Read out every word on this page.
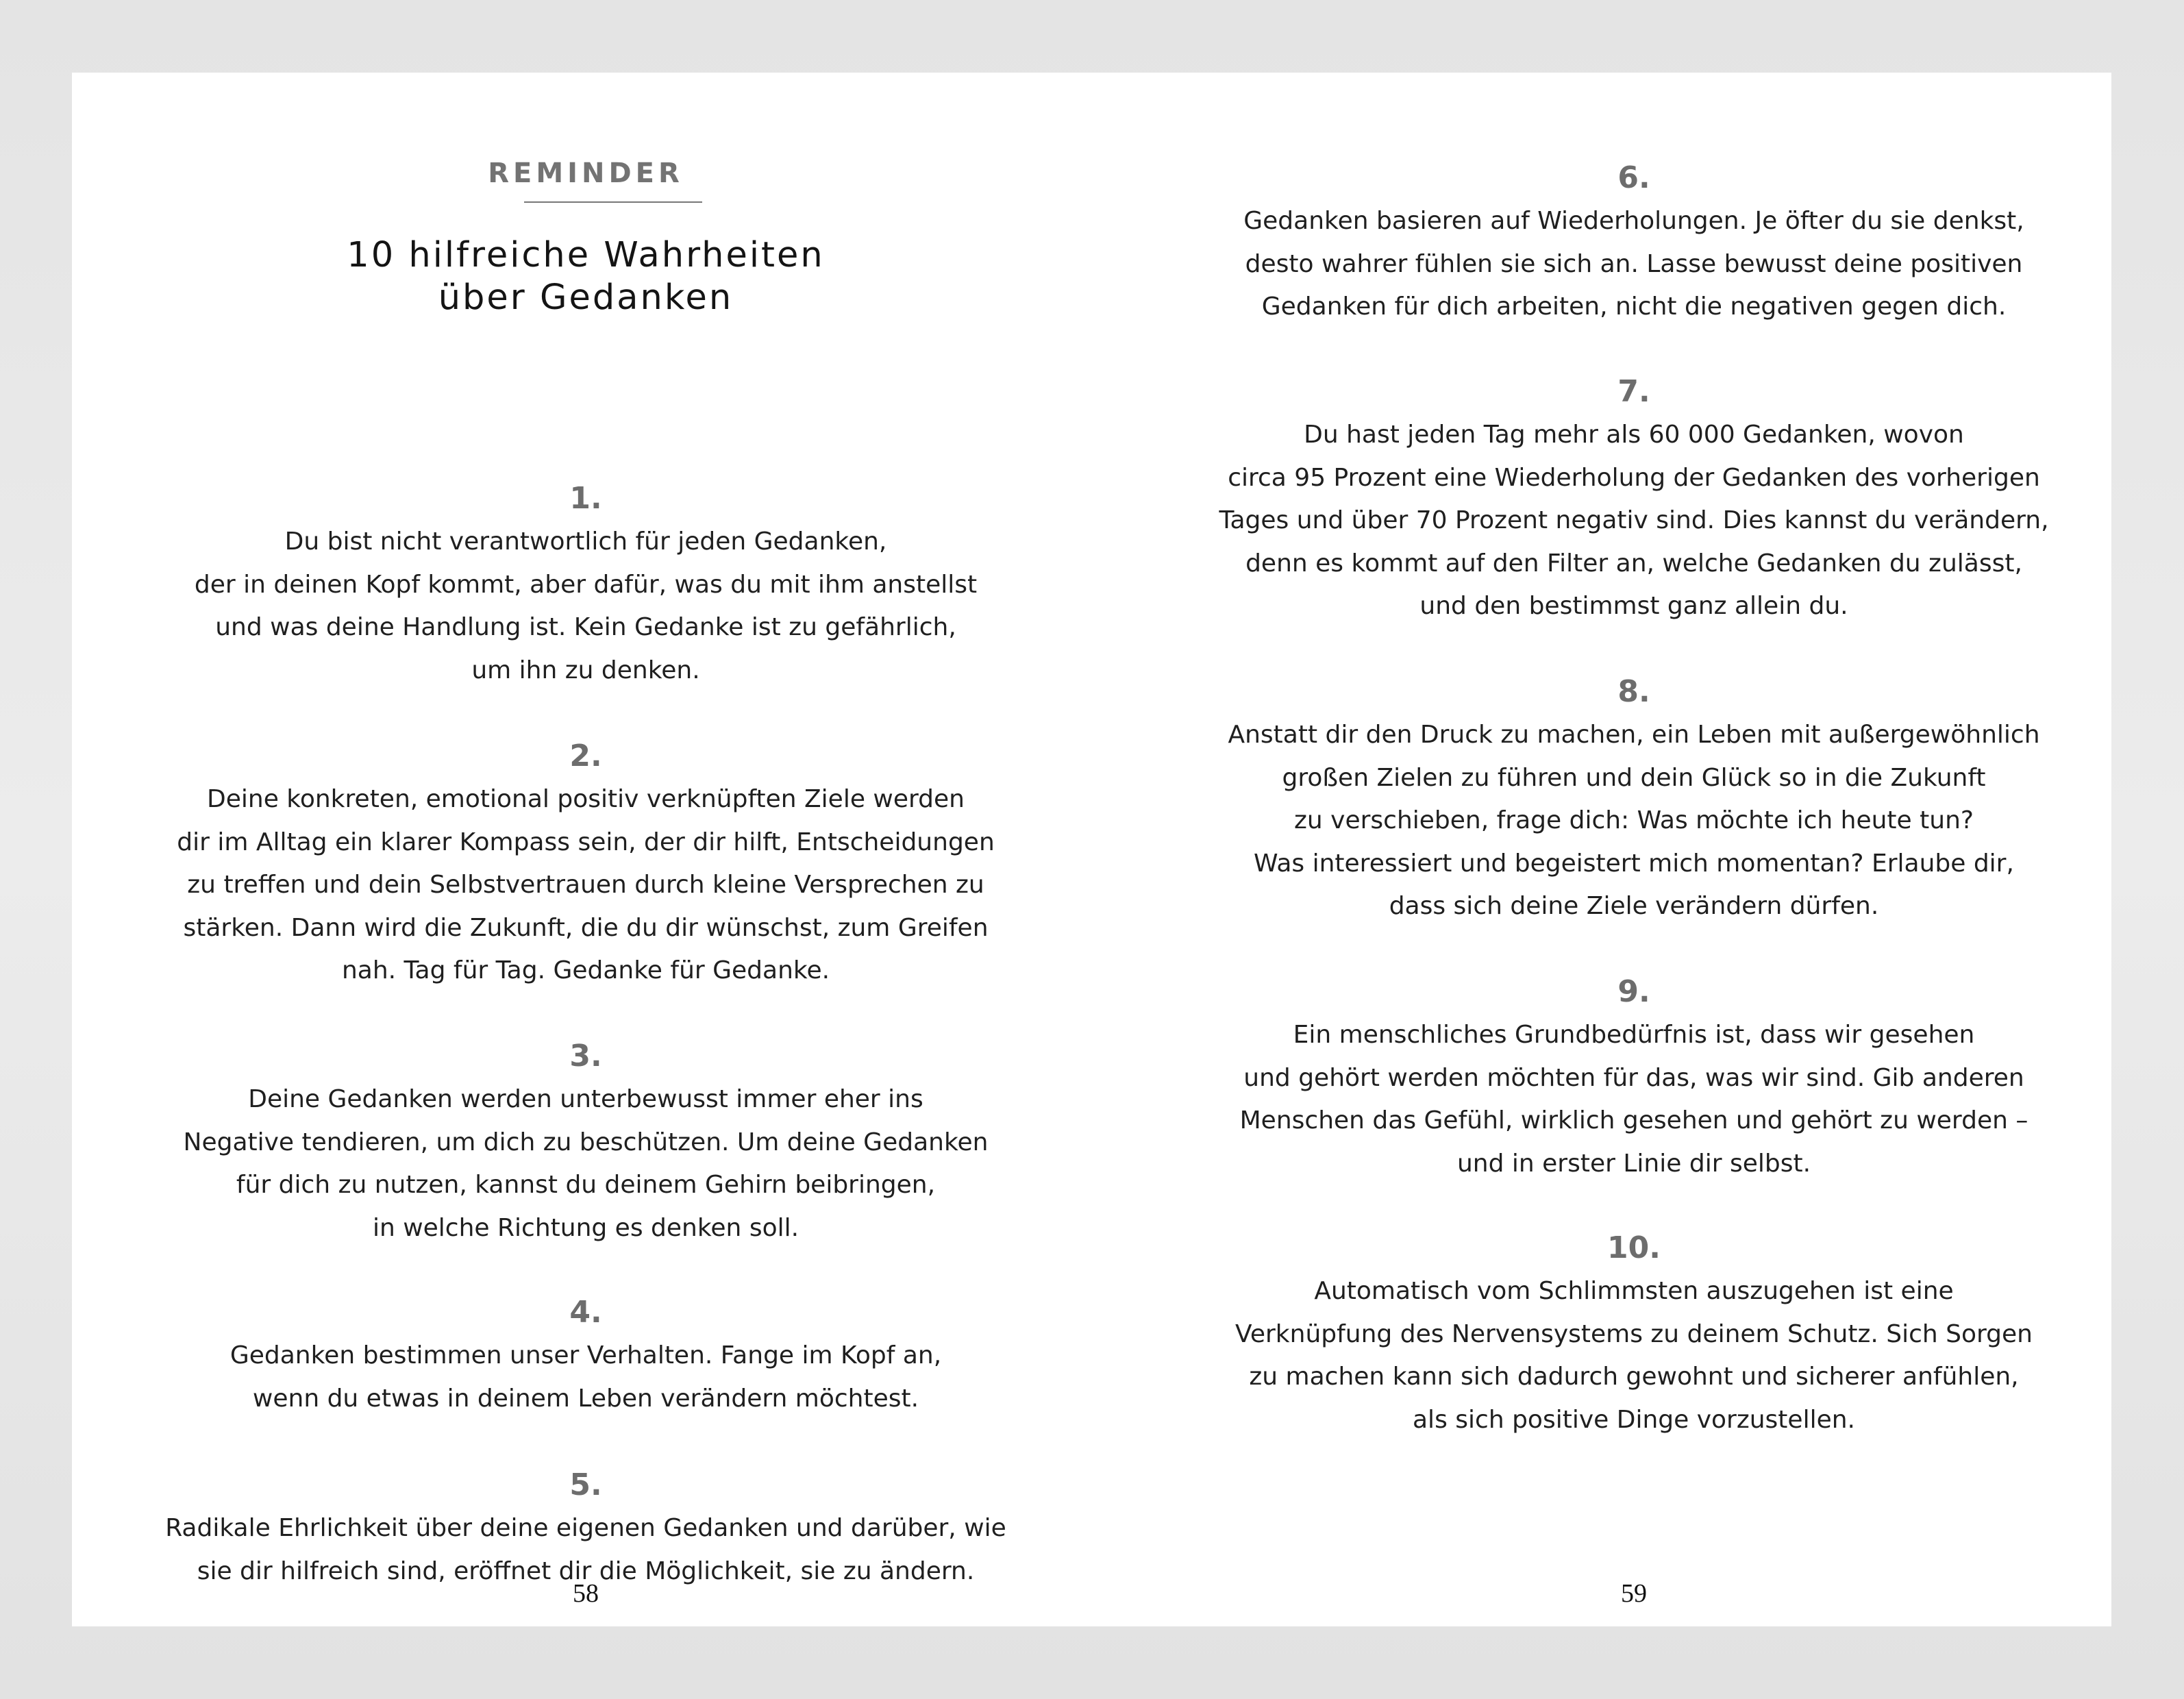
REMINDER
10 hilfreiche Wahrheiten
über Gedanken
1.
Du bist nicht verantwortlich für jeden Gedanken,
der in deinen Kopf kommt, aber dafür, was du mit ihm anstellst
und was deine Handlung ist. Kein Gedanke ist zu gefährlich,
um ihn zu denken.
2.
Deine konkreten, emotional positiv verknüpften Ziele werden
dir im Alltag ein klarer Kompass sein, der dir hilft, Entscheidungen
zu treffen und dein Selbstvertrauen durch kleine Versprechen zu
stärken. Dann wird die Zukunft, die du dir wünschst, zum Greifen
nah. Tag für Tag. Gedanke für Gedanke.
3.
Deine Gedanken werden unterbewusst immer eher ins
Negative tendieren, um dich zu beschützen. Um deine Gedanken
für dich zu nutzen, kannst du deinem Gehirn beibringen,
in welche Richtung es denken soll.
4.
Gedanken bestimmen unser Verhalten. Fange im Kopf an,
wenn du etwas in deinem Leben verändern möchtest.
5.
Radikale Ehrlichkeit über deine eigenen Gedanken und darüber, wie
sie dir hilfreich sind, eröffnet dir die Möglichkeit, sie zu ändern.
58
6.
Gedanken basieren auf Wiederholungen. Je öfter du sie denkst,
desto wahrer fühlen sie sich an. Lasse bewusst deine positiven
Gedanken für dich arbeiten, nicht die negativen gegen dich.
7.
Du hast jeden Tag mehr als 60 000 Gedanken, wovon
circa 95 Prozent eine Wiederholung der Gedanken des vorherigen
Tages und über 70 Prozent negativ sind. Dies kannst du verändern,
denn es kommt auf den Filter an, welche Gedanken du zulässt,
und den bestimmst ganz allein du.
8.
Anstatt dir den Druck zu machen, ein Leben mit außergewöhnlich
großen Zielen zu führen und dein Glück so in die Zukunft
zu verschieben, frage dich: Was möchte ich heute tun?
Was interessiert und begeistert mich momentan? Erlaube dir,
dass sich deine Ziele verändern dürfen.
9.
Ein menschliches Grundbedürfnis ist, dass wir gesehen
und gehört werden möchten für das, was wir sind. Gib anderen
Menschen das Gefühl, wirklich gesehen und gehört zu werden –
und in erster Linie dir selbst.
10.
Automatisch vom Schlimmsten auszugehen ist eine
Verknüpfung des Nervensystems zu deinem Schutz. Sich Sorgen
zu machen kann sich dadurch gewohnt und sicherer anfühlen,
als sich positive Dinge vorzustellen.
59
